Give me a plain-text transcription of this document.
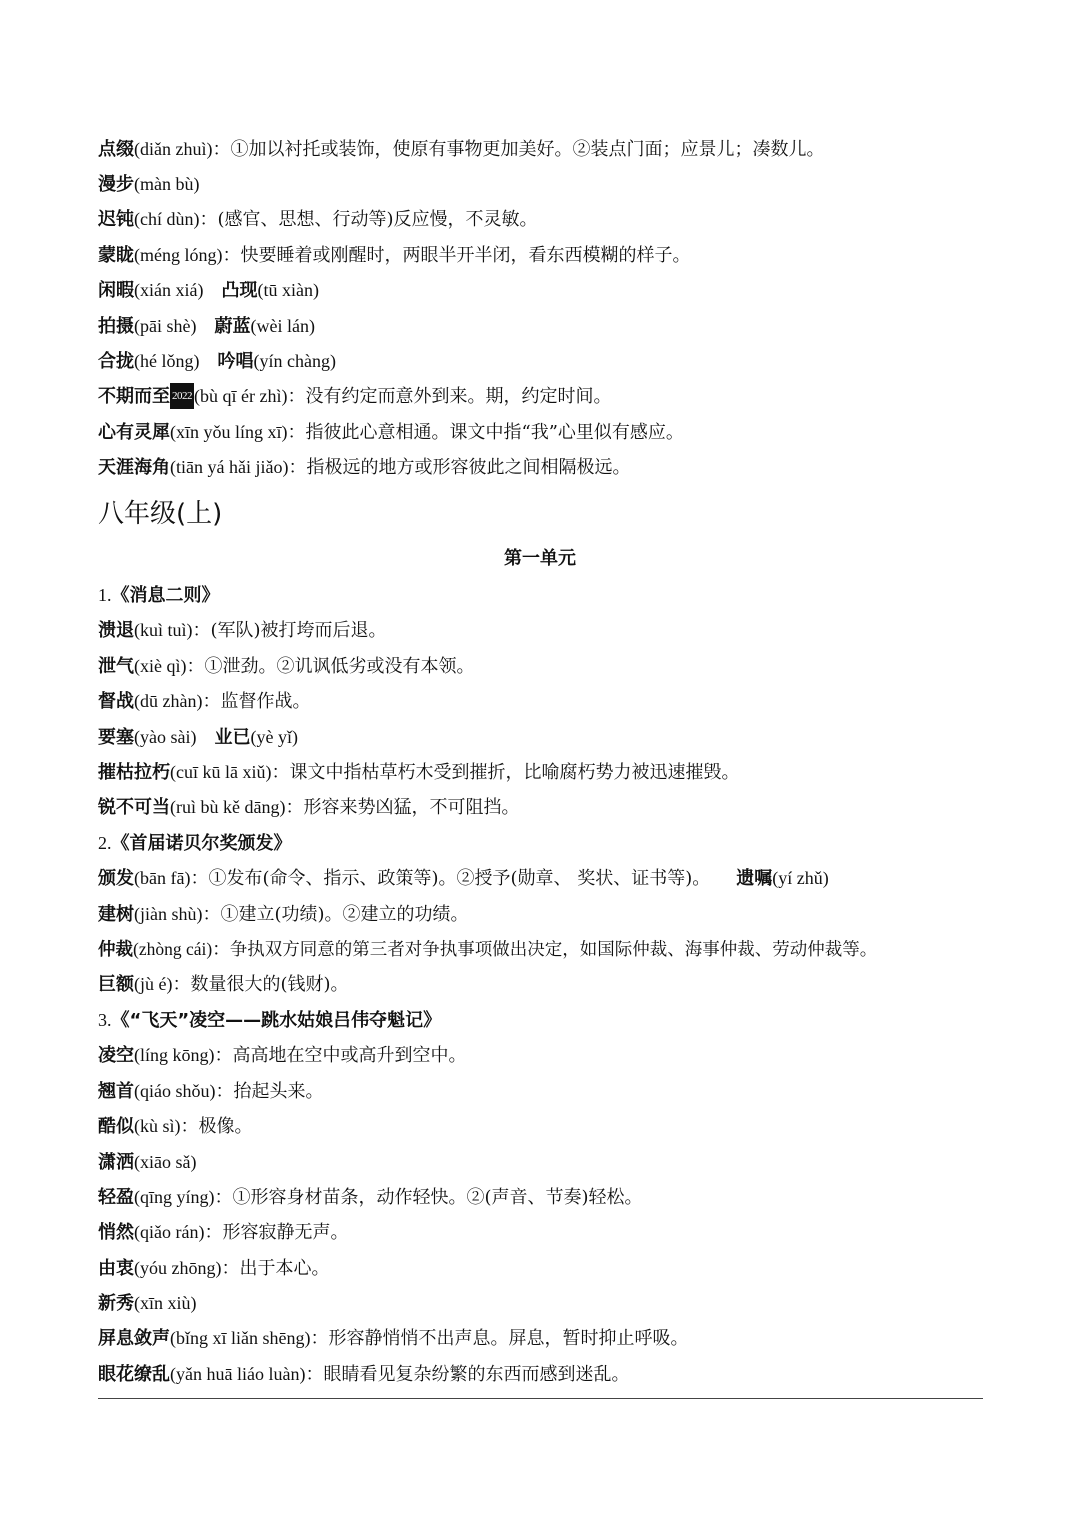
点缀(diǎn zhuì)：①加以衬托或装饰，使原有事物更加美好。②装点门面；应景儿；凑数儿。
漫步(màn bù)
迟钝(chí dùn)：(感官、思想、行动等)反应慢，不灵敏。
蒙眬(méng lóng)：快要睡着或刚醒时，两眼半开半闭，看东西模糊的样子。
闲暇(xián xiá) 凸现(tū xiàn)
拍摄(pāi shè) 蔚蓝(wèi lán)
合拢(hé lǒng) 吟唱(yín chàng)
不期而至 2022 (bù qī ér zhì)：没有约定而意外到来。期，约定时间。
心有灵犀(xīn yǒu líng xī)：指彼此心意相通。课文中指“我”心里似有感应。
天涯海角(tiān yá hǎi jiǎo)：指极远的地方或形容彼此之间相隔极远。
八年级(上)
第一单元
1.《消息二则》
溃退(kuì tuì)：(军队)被打垮而后退。
泄气(xiè qì)：①泄劲。②讥讽低劣或没有本领。
督战(dū zhàn)：监督作战。
要塞(yào sài) 业已(yè yǐ)
摧枯拉朽(cuī kū lā xiǔ)：课文中指枯草朽木受到摧折，比喻腐朽势力被迅速摧毁。
锐不可当(ruì bù kě dāng)：形容来势凶猛，不可阻挡。
2.《首届诺贝尔奖颁发》
颁发(bān fā)：①发布(命令、指示、政策等)。②授予(勋章、 奖状、证书等)。 遗嘱(yí zhǔ)
建树(jiàn shù)：①建立(功绩)。②建立的功绩。
仲裁(zhòng cái)：争执双方同意的第三者对争执事项做出决定，如国际仲裁、海事仲裁、劳动仲裁等。
巨额(jù é)：数量很大的(钱财)。
3.《“飞天”凌空——跳水姑娘吕伟夺魁记》
凌空(líng kōng)：高高地在空中或高升到空中。
翘首(qiáo shǒu)：抬起头来。
酷似(kù sì)：极像。
潇洒(xiāo sǎ)
轻盈(qīng yíng)：①形容身材苗条，动作轻快。②(声音、节奏)轻松。
悄然(qiǎo rán)：形容寂静无声。
由衷(yóu zhōng)：出于本心。
新秀(xīn xiù)
屏息敛声(bǐng xī liǎn shēng)：形容静悄悄不出声息。屏息，暂时抑止呼吸。
眼花缭乱(yǎn huā liáo luàn)：眼睛看见复杂纷繁的东西而感到迷乱。
